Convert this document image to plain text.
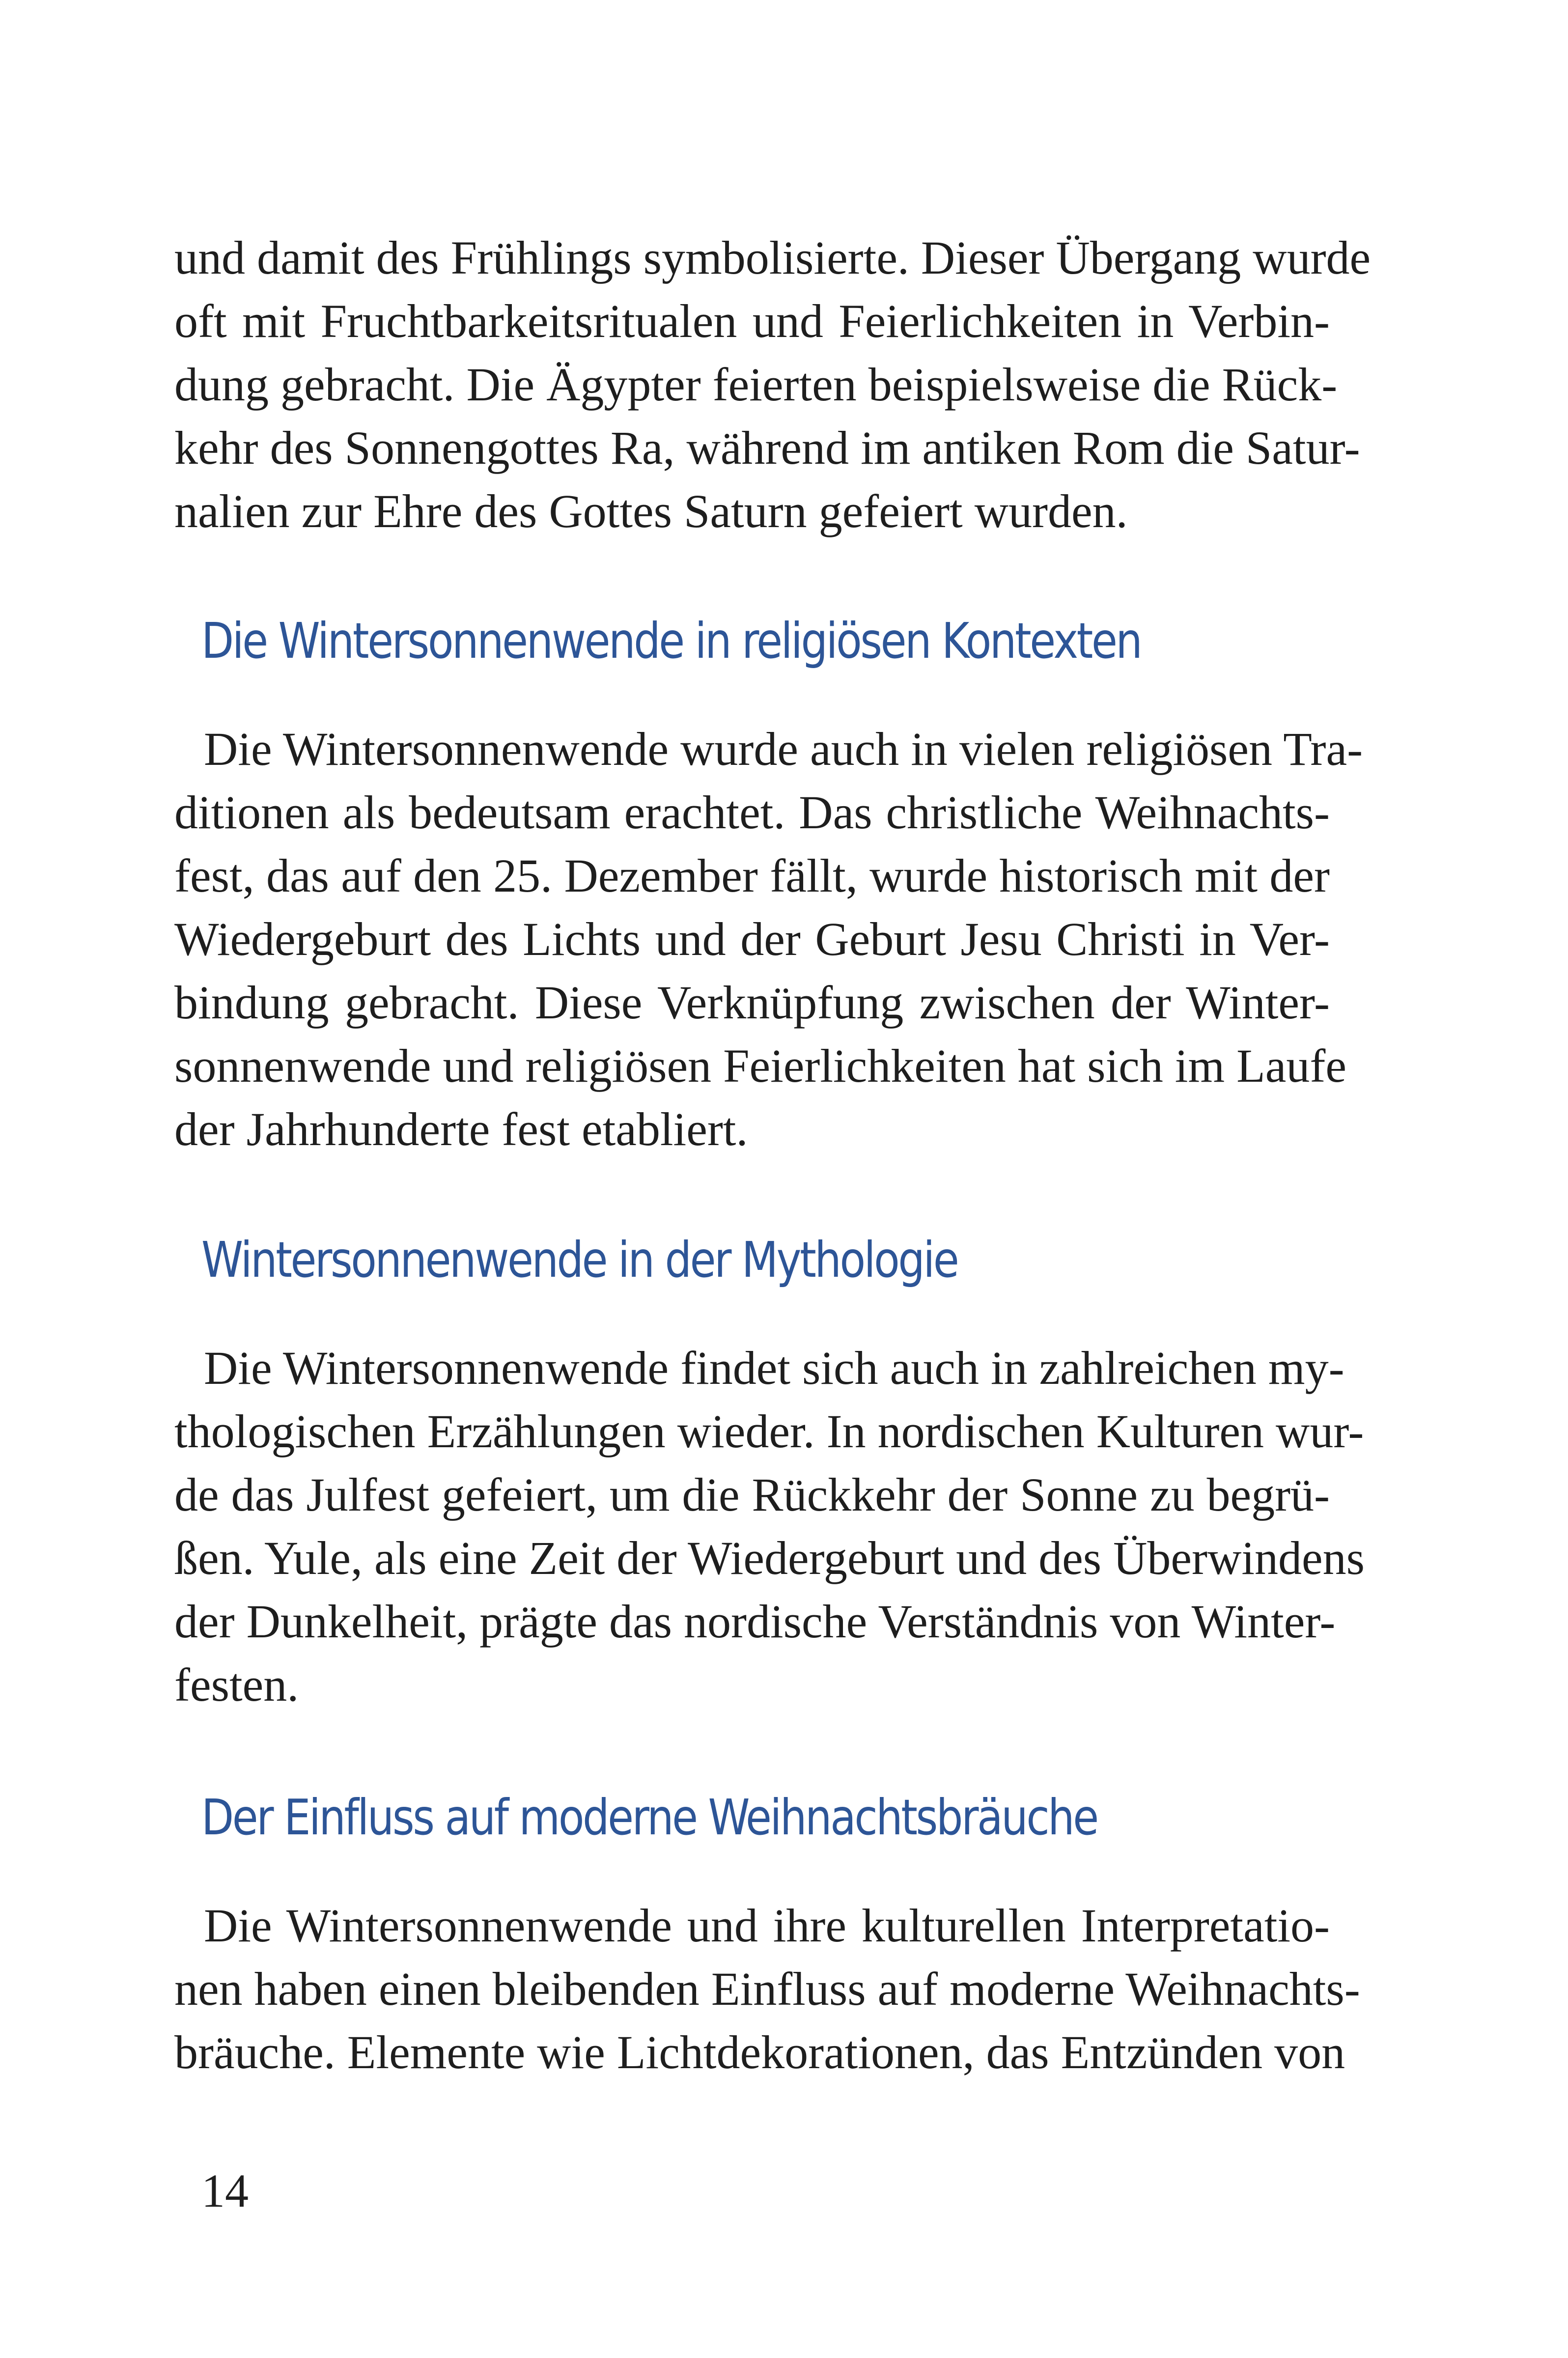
und damit des Frühlings symbolisierte. Dieser Übergang wurde
oft mit Fruchtbarkeitsritualen und Feierlichkeiten in Verbin-
dung gebracht. Die Ägypter feierten beispielsweise die Rück-
kehr des Sonnengottes Ra, während im antiken Rom die Satur-
nalien zur Ehre des Gottes Saturn gefeiert wurden.

Die Wintersonnenwende in religiösen Kontexten

Die Wintersonnenwende wurde auch in vielen religiösen Tra-
ditionen als bedeutsam erachtet. Das christliche Weihnachts-
fest, das auf den 25. Dezember fällt, wurde historisch mit der
Wiedergeburt des Lichts und der Geburt Jesu Christi in Ver-
bindung gebracht. Diese Verknüpfung zwischen der Winter-
sonnenwende und religiösen Feierlichkeiten hat sich im Laufe
der Jahrhunderte fest etabliert.

Wintersonnenwende in der Mythologie

Die Wintersonnenwende findet sich auch in zahlreichen my-
thologischen Erzählungen wieder. In nordischen Kulturen wur-
de das Julfest gefeiert, um die Rückkehr der Sonne zu begrü-
ßen. Yule, als eine Zeit der Wiedergeburt und des Überwindens
der Dunkelheit, prägte das nordische Verständnis von Winter-
festen.

Der Einfluss auf moderne Weihnachtsbräuche

Die Wintersonnenwende und ihre kulturellen Interpretatio-
nen haben einen bleibenden Einfluss auf moderne Weihnachts-
bräuche. Elemente wie Lichtdekorationen, das Entzünden von

14
